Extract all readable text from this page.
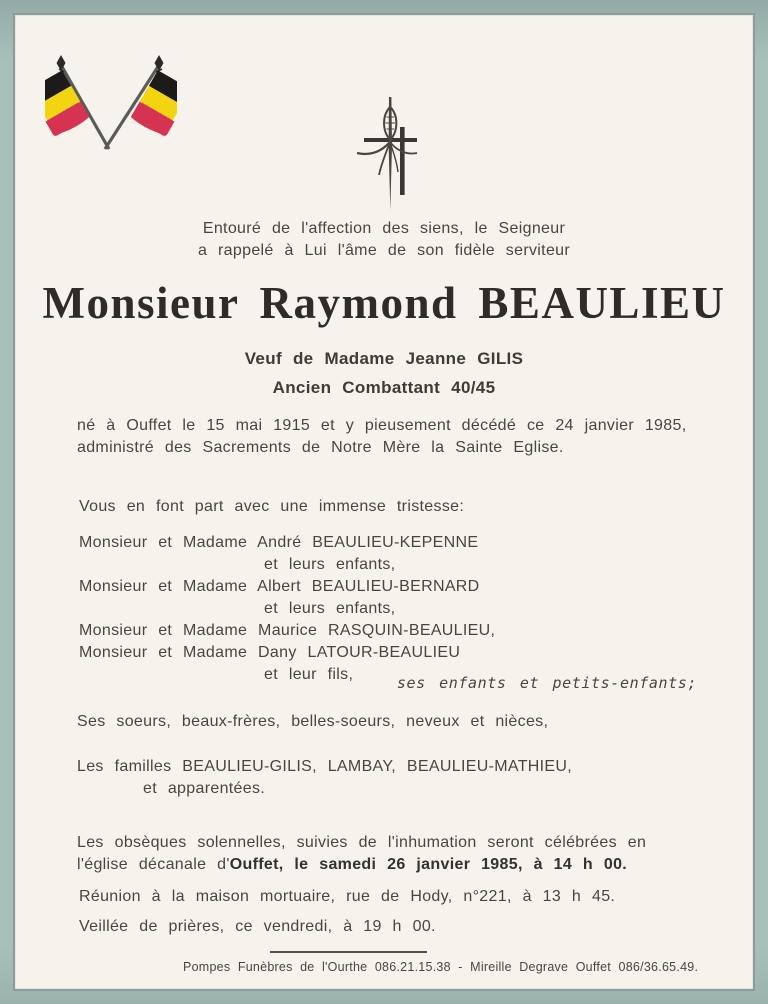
Entouré de l'affection des siens, le Seigneur
a rappelé à Lui l'âme de son fidèle serviteur
Monsieur Raymond BEAULIEU
Veuf de Madame Jeanne GILIS
Ancien Combattant 40/45
né à Ouffet le 15 mai 1915 et y pieusement décédé ce 24 janvier 1985,
administré des Sacrements de Notre Mère la Sainte Eglise.
Vous en font part avec une immense tristesse:
Monsieur et Madame André BEAULIEU-KEPENNE
et leurs enfants,
Monsieur et Madame Albert BEAULIEU-BERNARD
et leurs enfants,
Monsieur et Madame Maurice RASQUIN-BEAULIEU,
Monsieur et Madame Dany LATOUR-BEAULIEU
et leur fils,	ses enfants et petits-enfants;
Ses soeurs, beaux-frères, belles-soeurs, neveux et nièces,
Les familles BEAULIEU-GILIS, LAMBAY, BEAULIEU-MATHIEU,
et apparentées.
Les obsèques solennelles, suivies de l'inhumation seront célébrées en
l'église décanale d'Ouffet, le samedi 26 janvier 1985, à 14 h 00.
Réunion à la maison mortuaire, rue de Hody, n°221, à 13 h 45.
Veillée de prières, ce vendredi, à 19 h 00.
Pompes Funèbres de l'Ourthe 086.21.15.38 - Mireille Degrave Ouffet 086/36.65.49.
